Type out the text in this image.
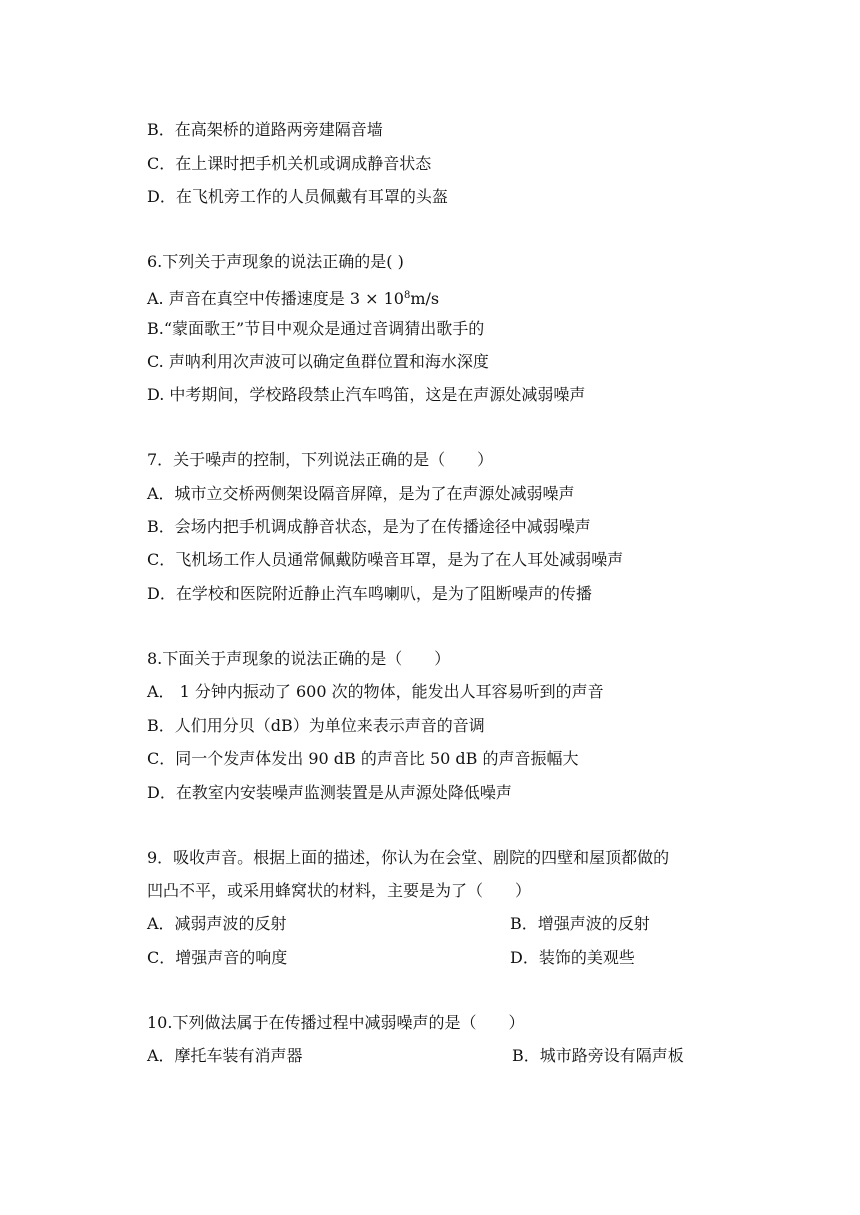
B．在高架桥的道路两旁建隔音墙
C．在上课时把手机关机或调成静音状态
D．在飞机旁工作的人员佩戴有耳罩的头盔
6.下列关于声现象的说法正确的是( )
A. 声音在真空中传播速度是 $3 \times 10^8m/s$
B.“蒙面歌王”节目中观众是通过音调猜出歌手的
C. 声呐利用次声波可以确定鱼群位置和海水深度
D. 中考期间，学校路段禁止汽车鸣笛，这是在声源处减弱噪声
7．关于噪声的控制，下列说法正确的是（　　）
A．城市立交桥两侧架设隔音屏障，是为了在声源处减弱噪声
B．会场内把手机调成静音状态，是为了在传播途径中减弱噪声
C．飞机场工作人员通常佩戴防噪音耳罩，是为了在人耳处减弱噪声
D．在学校和医院附近静止汽车鸣喇叭，是为了阻断噪声的传播
8.下面关于声现象的说法正确的是（　　）
A． 1 分钟内振动了 600 次的物体，能发出人耳容易听到的声音
B．人们用分贝（dB）为单位来表示声音的音调
C．同一个发声体发出 90 dB 的声音比 50 dB 的声音振幅大
D．在教室内安装噪声监测装置是从声源处降低噪声
9．吸收声音。根据上面的描述，你认为在会堂、剧院的四壁和屋顶都做的
凹凸不平，或采用蜂窝状的材料，主要是为了（　　）
A．减弱声波的反射	B．增强声波的反射
C．增强声音的响度	D．装饰的美观些
10.下列做法属于在传播过程中减弱噪声的是（　　）
A．摩托车装有消声器	B．城市路旁设有隔声板
